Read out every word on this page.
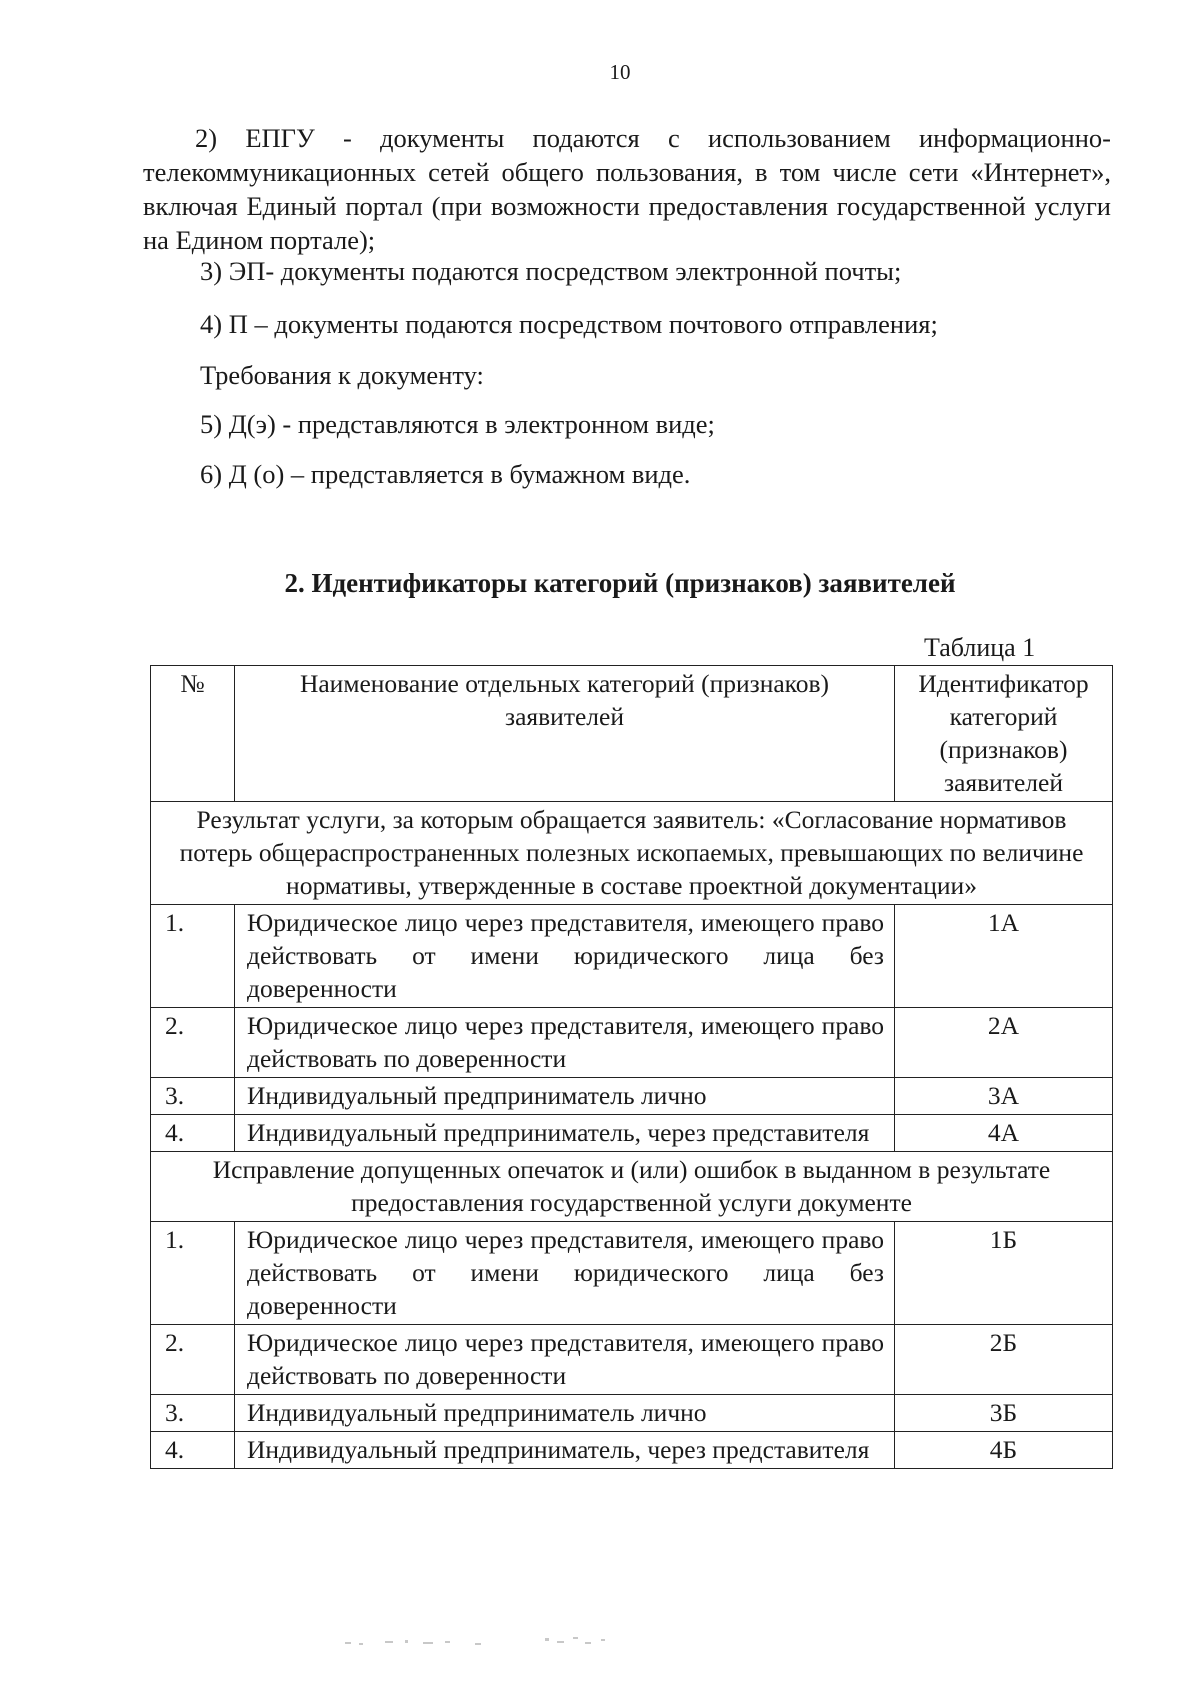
10

2) ЕПГУ - документы подаются с использованием информационно-телекоммуникационных сетей общего пользования, в том числе сети «Интернет», включая Единый портал (при возможности предоставления государственной услуги на Едином портале);

3) ЭП- документы подаются посредством электронной почты;

4) П – документы подаются посредством почтового отправления;

Требования к документу:

5) Д(э) - представляются в электронном виде;

6) Д (о) – представляется в бумажном виде.

2. Идентификаторы категорий (признаков) заявителей
Таблица 1
№	Наименование отдельных категорий (признаков) заявителей	Идентификатор категорий (признаков) заявителей
Результат услуги, за которым обращается заявитель: «Согласование нормативов потерь общераспространенных полезных ископаемых, превышающих по величине нормативы, утвержденные в составе проектной документации»		
1.	Юридическое лицо через представителя, имеющего право действовать от имени юридического лица без доверенности	1А
2.	Юридическое лицо через представителя, имеющего право действовать по доверенности	2А
3.	Индивидуальный предприниматель лично	3А
4.	Индивидуальный предприниматель, через представителя	4А
Исправление допущенных опечаток и (или) ошибок в выданном в результате предоставления государственной услуги документе		
1.	Юридическое лицо через представителя, имеющего право действовать от имени юридического лица без доверенности	1Б
2.	Юридическое лицо через представителя, имеющего право действовать по доверенности	2Б
3.	Индивидуальный предприниматель лично	3Б
4.	Индивидуальный предприниматель, через представителя	4Б
